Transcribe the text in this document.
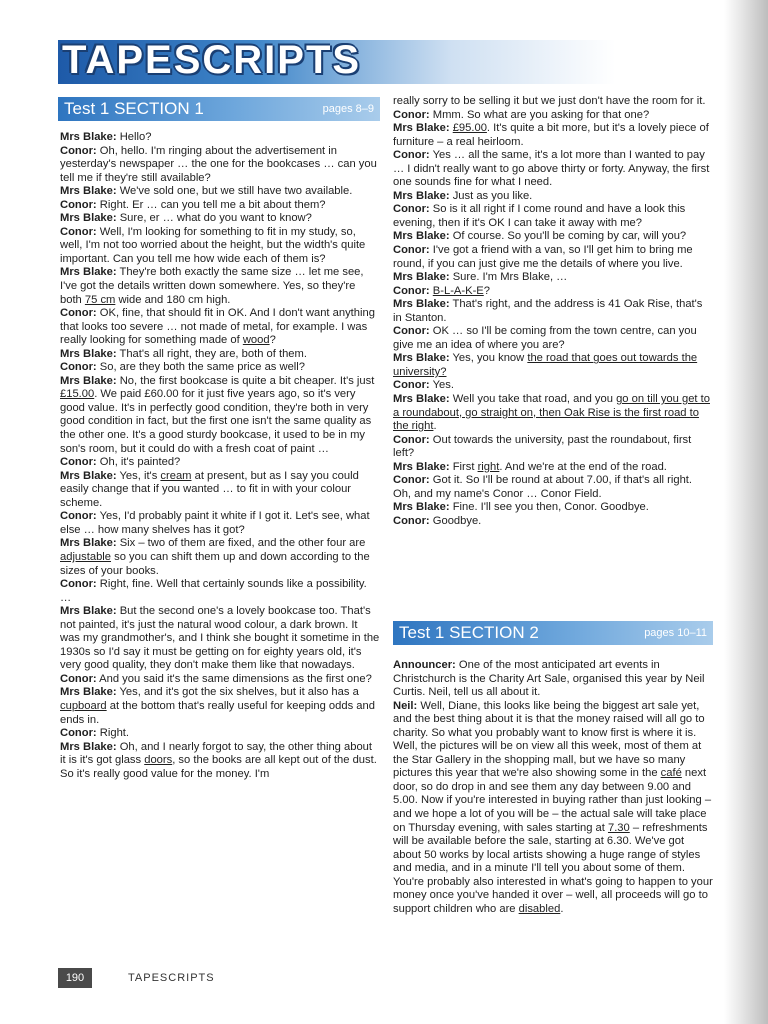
TAPESCRIPTS
Test 1 SECTION 1	pages 8–9

Mrs Blake: Hello?

Conor: Oh, hello. I'm ringing about the advertisement in yesterday's newspaper … the one for the bookcases … can you tell me if they're still available?

Mrs Blake: We've sold one, but we still have two available.

Conor: Right. Er … can you tell me a bit about them?

Mrs Blake: Sure, er … what do you want to know?

Conor: Well, I'm looking for something to fit in my study, so, well, I'm not too worried about the height, but the width's quite important. Can you tell me how wide each of them is?

Mrs Blake: They're both exactly the same size … let me see, I've got the details written down somewhere. Yes, so they're both 75 cm wide and 180 cm high.

Conor: OK, fine, that should fit in OK. And I don't want anything that looks too severe … not made of metal, for example. I was really looking for something made of wood?

Mrs Blake: That's all right, they are, both of them.

Conor: So, are they both the same price as well?

Mrs Blake: No, the first bookcase is quite a bit cheaper. It's just £15.00. We paid £60.00 for it just five years ago, so it's very good value. It's in perfectly good condition, they're both in very good condition in fact, but the first one isn't the same quality as the other one. It's a good sturdy bookcase, it used to be in my son's room, but it could do with a fresh coat of paint …

Conor: Oh, it's painted?

Mrs Blake: Yes, it's cream at present, but as I say you could easily change that if you wanted … to fit in with your colour scheme.

Conor: Yes, I'd probably paint it white if I got it. Let's see, what else … how many shelves has it got?

Mrs Blake: Six – two of them are fixed, and the other four are adjustable so you can shift them up and down according to the sizes of your books.

Conor: Right, fine. Well that certainly sounds like a possibility.

…

Mrs Blake: But the second one's a lovely bookcase too. That's not painted, it's just the natural wood colour, a dark brown. It was my grandmother's, and I think she bought it sometime in the 1930s so I'd say it must be getting on for eighty years old, it's very good quality, they don't make them like that nowadays.

Conor: And you said it's the same dimensions as the first one?

Mrs Blake: Yes, and it's got the six shelves, but it also has a cupboard at the bottom that's really useful for keeping odds and ends in.

Conor: Right.

Mrs Blake: Oh, and I nearly forgot to say, the other thing about it is it's got glass doors, so the books are all kept out of the dust. So it's really good value for the money. I'm

really sorry to be selling it but we just don't have the room for it.

Conor: Mmm. So what are you asking for that one?

Mrs Blake: £95.00. It's quite a bit more, but it's a lovely piece of furniture – a real heirloom.

Conor: Yes … all the same, it's a lot more than I wanted to pay … I didn't really want to go above thirty or forty. Anyway, the first one sounds fine for what I need.

Mrs Blake: Just as you like.

Conor: So is it all right if I come round and have a look this evening, then if it's OK I can take it away with me?

Mrs Blake: Of course. So you'll be coming by car, will you?

Conor: I've got a friend with a van, so I'll get him to bring me round, if you can just give me the details of where you live.

Mrs Blake: Sure. I'm Mrs Blake, …

Conor: B-L-A-K-E?

Mrs Blake: That's right, and the address is 41 Oak Rise, that's in Stanton.

Conor: OK … so I'll be coming from the town centre, can you give me an idea of where you are?

Mrs Blake: Yes, you know the road that goes out towards the university?

Conor: Yes.

Mrs Blake: Well you take that road, and you go on till you get to a roundabout, go straight on, then Oak Rise is the first road to the right.

Conor: Out towards the university, past the roundabout, first left?

Mrs Blake: First right. And we're at the end of the road.

Conor: Got it. So I'll be round at about 7.00, if that's all right. Oh, and my name's Conor … Conor Field.

Mrs Blake: Fine. I'll see you then, Conor. Goodbye.

Conor: Goodbye.

Test 1 SECTION 2	pages 10–11

Announcer: One of the most anticipated art events in Christchurch is the Charity Art Sale, organised this year by Neil Curtis. Neil, tell us all about it.

Neil: Well, Diane, this looks like being the biggest art sale yet, and the best thing about it is that the money raised will all go to charity. So what you probably want to know first is where it is. Well, the pictures will be on view all this week, most of them at the Star Gallery in the shopping mall, but we have so many pictures this year that we're also showing some in the café next door, so do drop in and see them any day between 9.00 and 5.00. Now if you're interested in buying rather than just looking – and we hope a lot of you will be – the actual sale will take place on Thursday evening, with sales starting at 7.30 – refreshments will be available before the sale, starting at 6.30. We've got about 50 works by local artists showing a huge range of styles and media, and in a minute I'll tell you about some of them. You're probably also interested in what's going to happen to your money once you've handed it over – well, all proceeds will go to support children who are disabled.

190	TAPESCRIPTS
